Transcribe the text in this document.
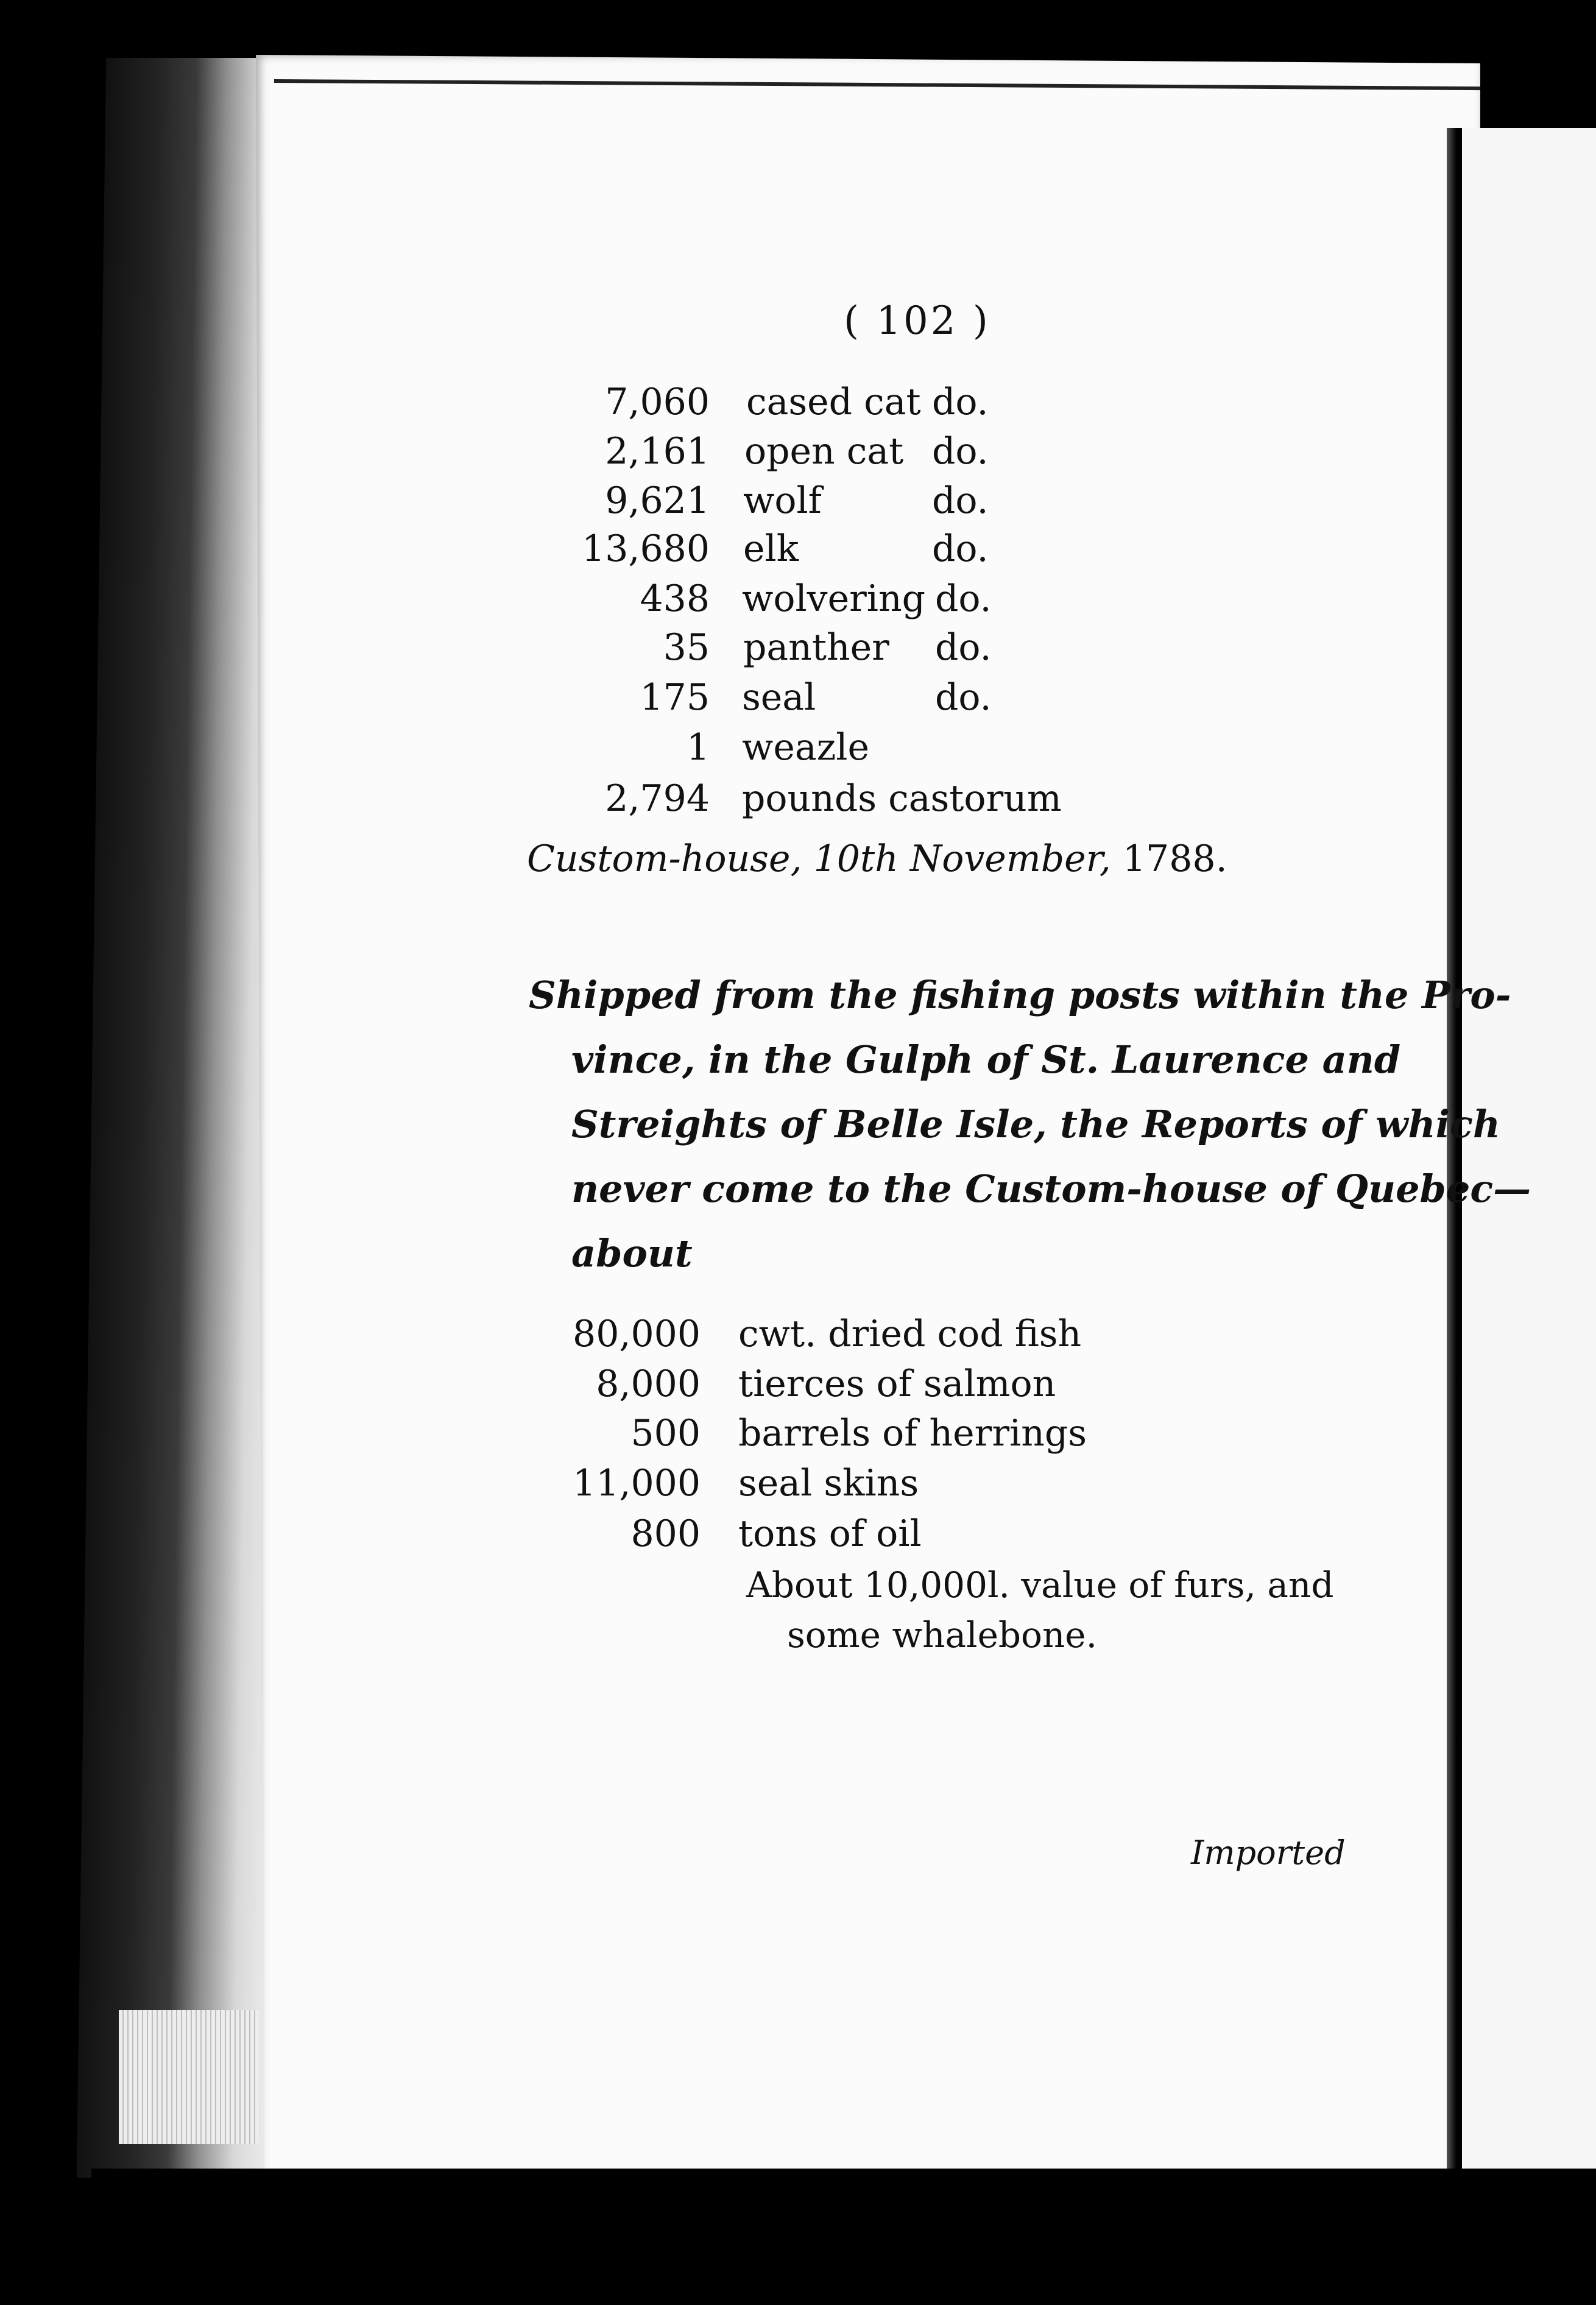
( 102 )
7,060 cased cat do.
2,161 open cat do.
9,621 wolf	do.
13,680 elk	do.
438 wolvering do.
35 panther do.
175 seal	do.
1 weazle
2,794 pounds castorum
Custom-house, 10th November, 1788.
Shipped from the fishing posts within the Pro-
vince, in the Gulph of St. Laurence and
Streights of Belle Isle, the Reports of which
never come to the Custom-house of Quebec—
about
80,000 cwt. dried cod fish
8,000 tierces of salmon
500 barrels of herrings
11,000 seal skins
800 tons of oil
About 10,000l. value of furs, and
some whalebone.
Imported
